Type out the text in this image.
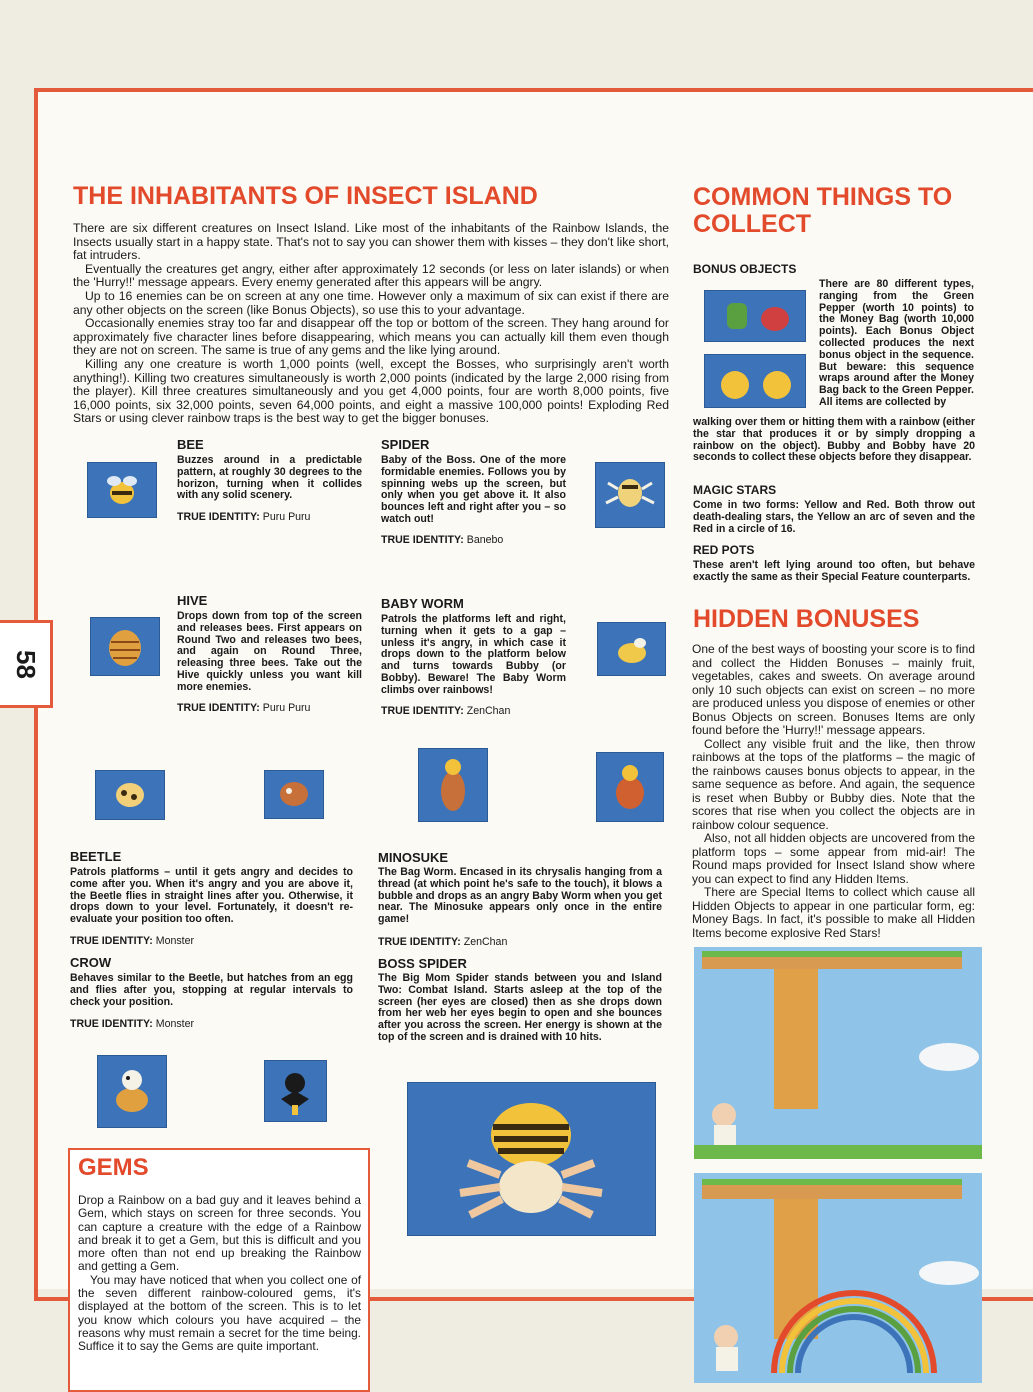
58
THE INHABITANTS OF INSECT ISLAND

There are six different creatures on Insect Island. Like most of the inhabitants of the Rainbow Islands, the Insects usually start in a happy state. That's not to say you can shower them with kisses – they don't like short, fat intruders.

Eventually the creatures get angry, either after approximately 12 seconds (or less on later islands) or when the 'Hurry!!' message appears. Every enemy generated after this appears will be angry.

Up to 16 enemies can be on screen at any one time. However only a maximum of six can exist if there are any other objects on the screen (like Bonus Objects), so use this to your advantage.

Occasionally enemies stray too far and disappear off the top or bottom of the screen. They hang around for approximately five character lines before disappearing, which means you can actually kill them even though they are not on screen. The same is true of any gems and the like lying around.

Killing any one creature is worth 1,000 points (well, except the Bosses, who surprisingly aren't worth anything!). Killing two creatures simultaneously is worth 2,000 points (indicated by the large 2,000 rising from the player). Kill three creatures simultaneously and you get 4,000 points, four are worth 8,000 points, five 16,000 points, six 32,000 points, seven 64,000 points, and eight a massive 100,000 points! Exploding Red Stars or using clever rainbow traps is the best way to get the bigger bonuses.

BEE
Buzzes around in a predictable pattern, at roughly 30 degrees to the horizon, turning when it collides with any solid scenery.
TRUE IDENTITY: Puru Puru
SPIDER
Baby of the Boss. One of the more formidable enemies. Follows you by spinning webs up the screen, but only when you get above it. It also bounces left and right after you – so watch out!
TRUE IDENTITY: Banebo
HIVE
Drops down from top of the screen and releases bees. First appears on Round Two and releases two bees, and again on Round Three, releasing three bees. Take out the Hive quickly unless you want kill more enemies.
TRUE IDENTITY: Puru Puru
BABY WORM
Patrols the platforms left and right, turning when it gets to a gap – unless it's angry, in which case it drops down to the platform below and turns towards Bubby (or Bobby). Beware! The Baby Worm climbs over rainbows!
TRUE IDENTITY: ZenChan
BEETLE
Patrols platforms – until it gets angry and decides to come after you. When it's angry and you are above it, the Beetle flies in straight lines after you. Otherwise, it drops down to your level. Fortunately, it doesn't re-evaluate your position too often.
TRUE IDENTITY: Monster
MINOSUKE
The Bag Worm. Encased in its chrysalis hanging from a thread (at which point he's safe to the touch), it blows a bubble and drops as an angry Baby Worm when you get near. The Minosuke appears only once in the entire game!
TRUE IDENTITY: ZenChan
CROW
Behaves similar to the Beetle, but hatches from an egg and flies after you, stopping at regular intervals to check your position.
TRUE IDENTITY: Monster
BOSS SPIDER
The Big Mom Spider stands between you and Island Two: Combat Island. Starts asleep at the top of the screen (her eyes are closed) then as she drops down from her web her eyes begin to open and she bounces after you across the screen. Her energy is shown at the top of the screen and is drained with 10 hits.
GEMS

Drop a Rainbow on a bad guy and it leaves behind a Gem, which stays on screen for three seconds. You can capture a creature with the edge of a Rainbow and break it to get a Gem, but this is difficult and you more often than not end up breaking the Rainbow and getting a Gem.

You may have noticed that when you collect one of the seven different rainbow-coloured gems, it's displayed at the bottom of the screen. This is to let you know which colours you have acquired – the reasons why must remain a secret for the time being. Suffice it to say the Gems are quite important.

COMMON THINGS TO
COLLECT
BONUS OBJECTS
There are 80 different types, ranging from the Green Pepper (worth 10 points) to the Money Bag (worth 10,000 points). Each Bonus Object collected produces the next bonus object in the sequence. But beware: this sequence wraps around after the Money Bag back to the Green Pepper. All items are collected by
walking over them or hitting them with a rainbow (either the star that produces it or by simply dropping a rainbow on the object). Bubby and Bobby have 20 seconds to collect these objects before they disappear.
MAGIC STARS
Come in two forms: Yellow and Red. Both throw out death-dealing stars, the Yellow an arc of seven and the Red in a circle of 16.
RED POTS
These aren't left lying around too often, but behave exactly the same as their Special Feature counterparts.
HIDDEN BONUSES

One of the best ways of boosting your score is to find and collect the Hidden Bonuses – mainly fruit, vegetables, cakes and sweets. On average around only 10 such objects can exist on screen – no more are produced unless you dispose of enemies or other Bonus Objects on screen. Bonuses Items are only found before the 'Hurry!!' message appears.

Collect any visible fruit and the like, then throw rainbows at the tops of the platforms – the magic of the rainbows causes bonus objects to appear, in the same sequence as before. And again, the sequence is reset when Bubby or Bubby dies. Note that the scores that rise when you collect the objects are in rainbow colour sequence.

Also, not all hidden objects are uncovered from the platform tops – some appear from mid-air! The Round maps provided for Insect Island show where you can expect to find any Hidden Items.

There are Special Items to collect which cause all Hidden Objects to appear in one particular form, eg: Money Bags. In fact, it's possible to make all Hidden Items become explosive Red Stars!
